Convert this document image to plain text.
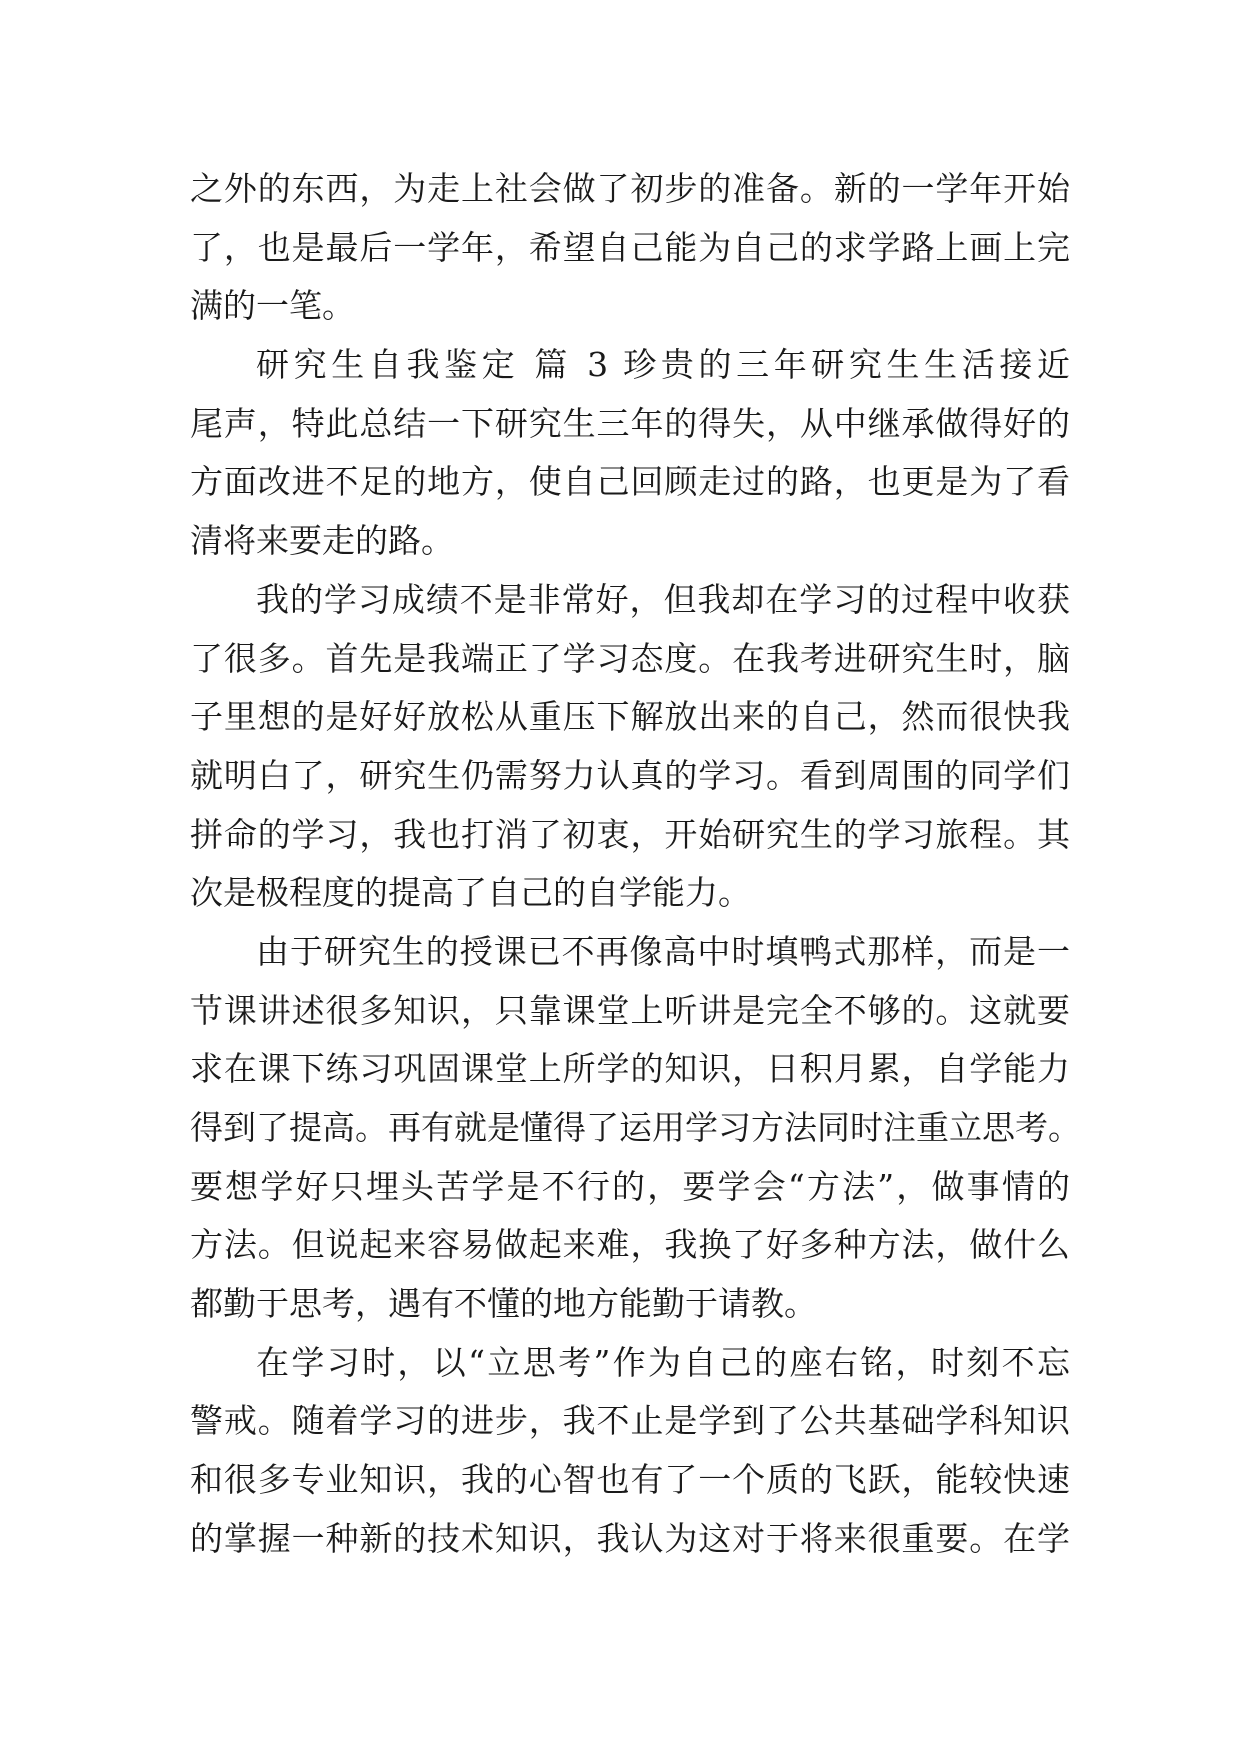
之外的东西，为走上社会做了初步的准备。新的一学年开始
了，也是最后一学年，希望自己能为自己的求学路上画上完
满的一笔。
研究生自我鉴定 篇 3 珍贵的三年研究生生活接近
尾声，特此总结一下研究生三年的得失，从中继承做得好的
方面改进不足的地方，使自己回顾走过的路，也更是为了看
清将来要走的路。
我的学习成绩不是非常好，但我却在学习的过程中收获
了很多。首先是我端正了学习态度。在我考进研究生时，脑
子里想的是好好放松从重压下解放出来的自己，然而很快我
就明白了，研究生仍需努力认真的学习。看到周围的同学们
拼命的学习，我也打消了初衷，开始研究生的学习旅程。其
次是极程度的提高了自己的自学能力。
由于研究生的授课已不再像高中时填鸭式那样，而是一
节课讲述很多知识，只靠课堂上听讲是完全不够的。这就要
求在课下练习巩固课堂上所学的知识，日积月累，自学能力
得到了提高。再有就是懂得了运用学习方法同时注重立思考。
要想学好只埋头苦学是不行的，要学会“方法”，做事情的
方法。但说起来容易做起来难，我换了好多种方法，做什么
都勤于思考，遇有不懂的地方能勤于请教。
在学习时，以“立思考”作为自己的座右铭，时刻不忘
警戒。随着学习的进步，我不止是学到了公共基础学科知识
和很多专业知识，我的心智也有了一个质的飞跃，能较快速
的掌握一种新的技术知识，我认为这对于将来很重要。在学
